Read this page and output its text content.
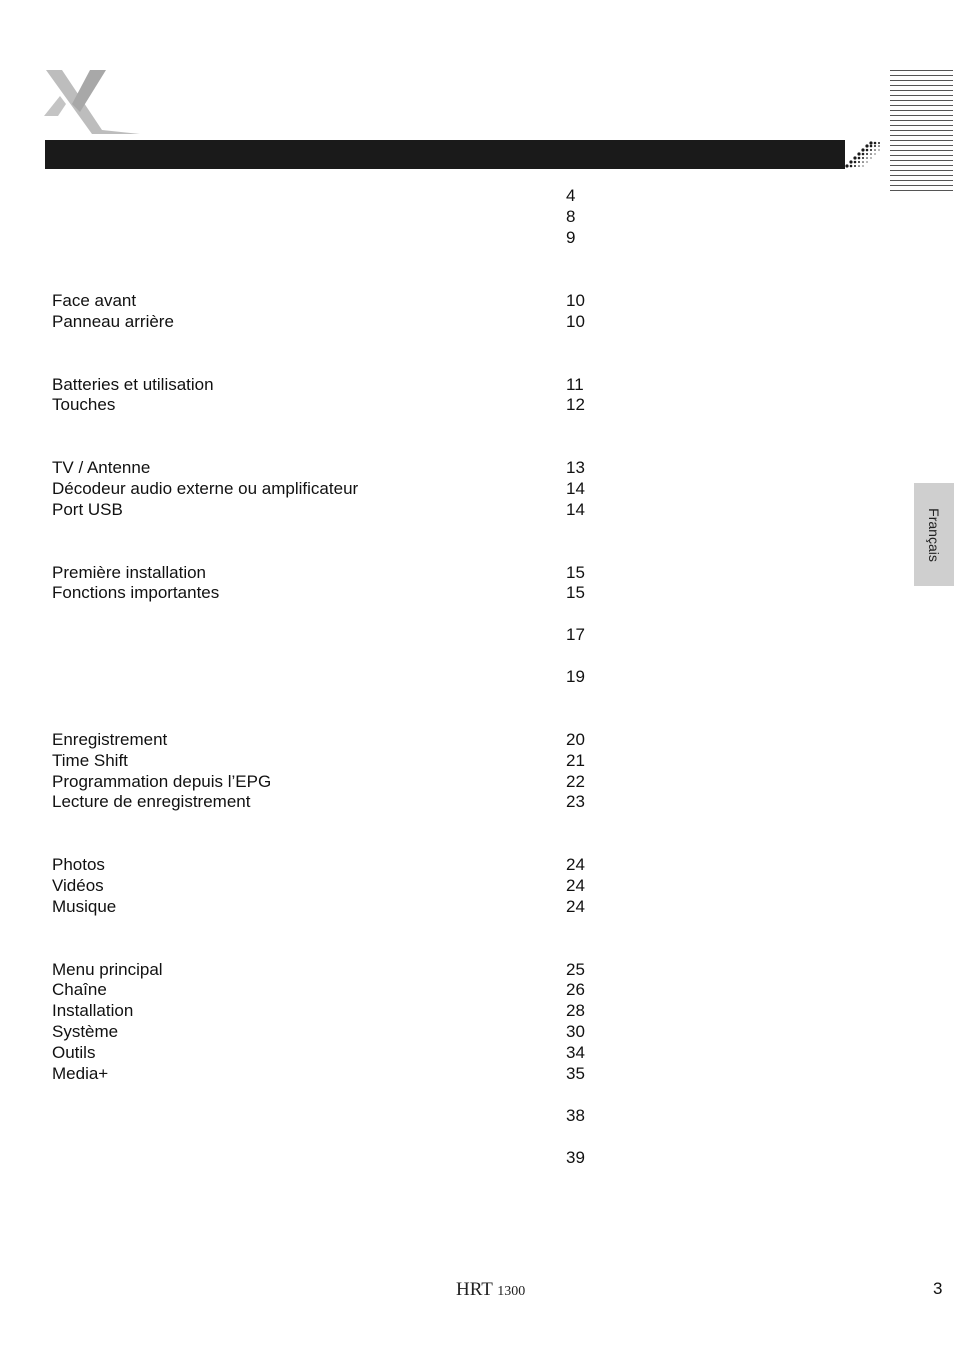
Français
4
8
9
Face avant	10
Panneau arrière	10
Batteries et utilisation	11
Touches	12
TV / Antenne	13
Décodeur audio externe ou amplificateur	14
Port USB	14
Première installation	15
Fonctions importantes	15
17
19
Enregistrement	20
Time Shift	21
Programmation depuis l’EPG	22
Lecture de enregistrement	23
Photos	24
Vidéos	24
Musique	24
Menu principal	25
Chaîne	26
Installation	28
Système	30
Outils	34
Media+	35
38
39
HRT 1300	3
